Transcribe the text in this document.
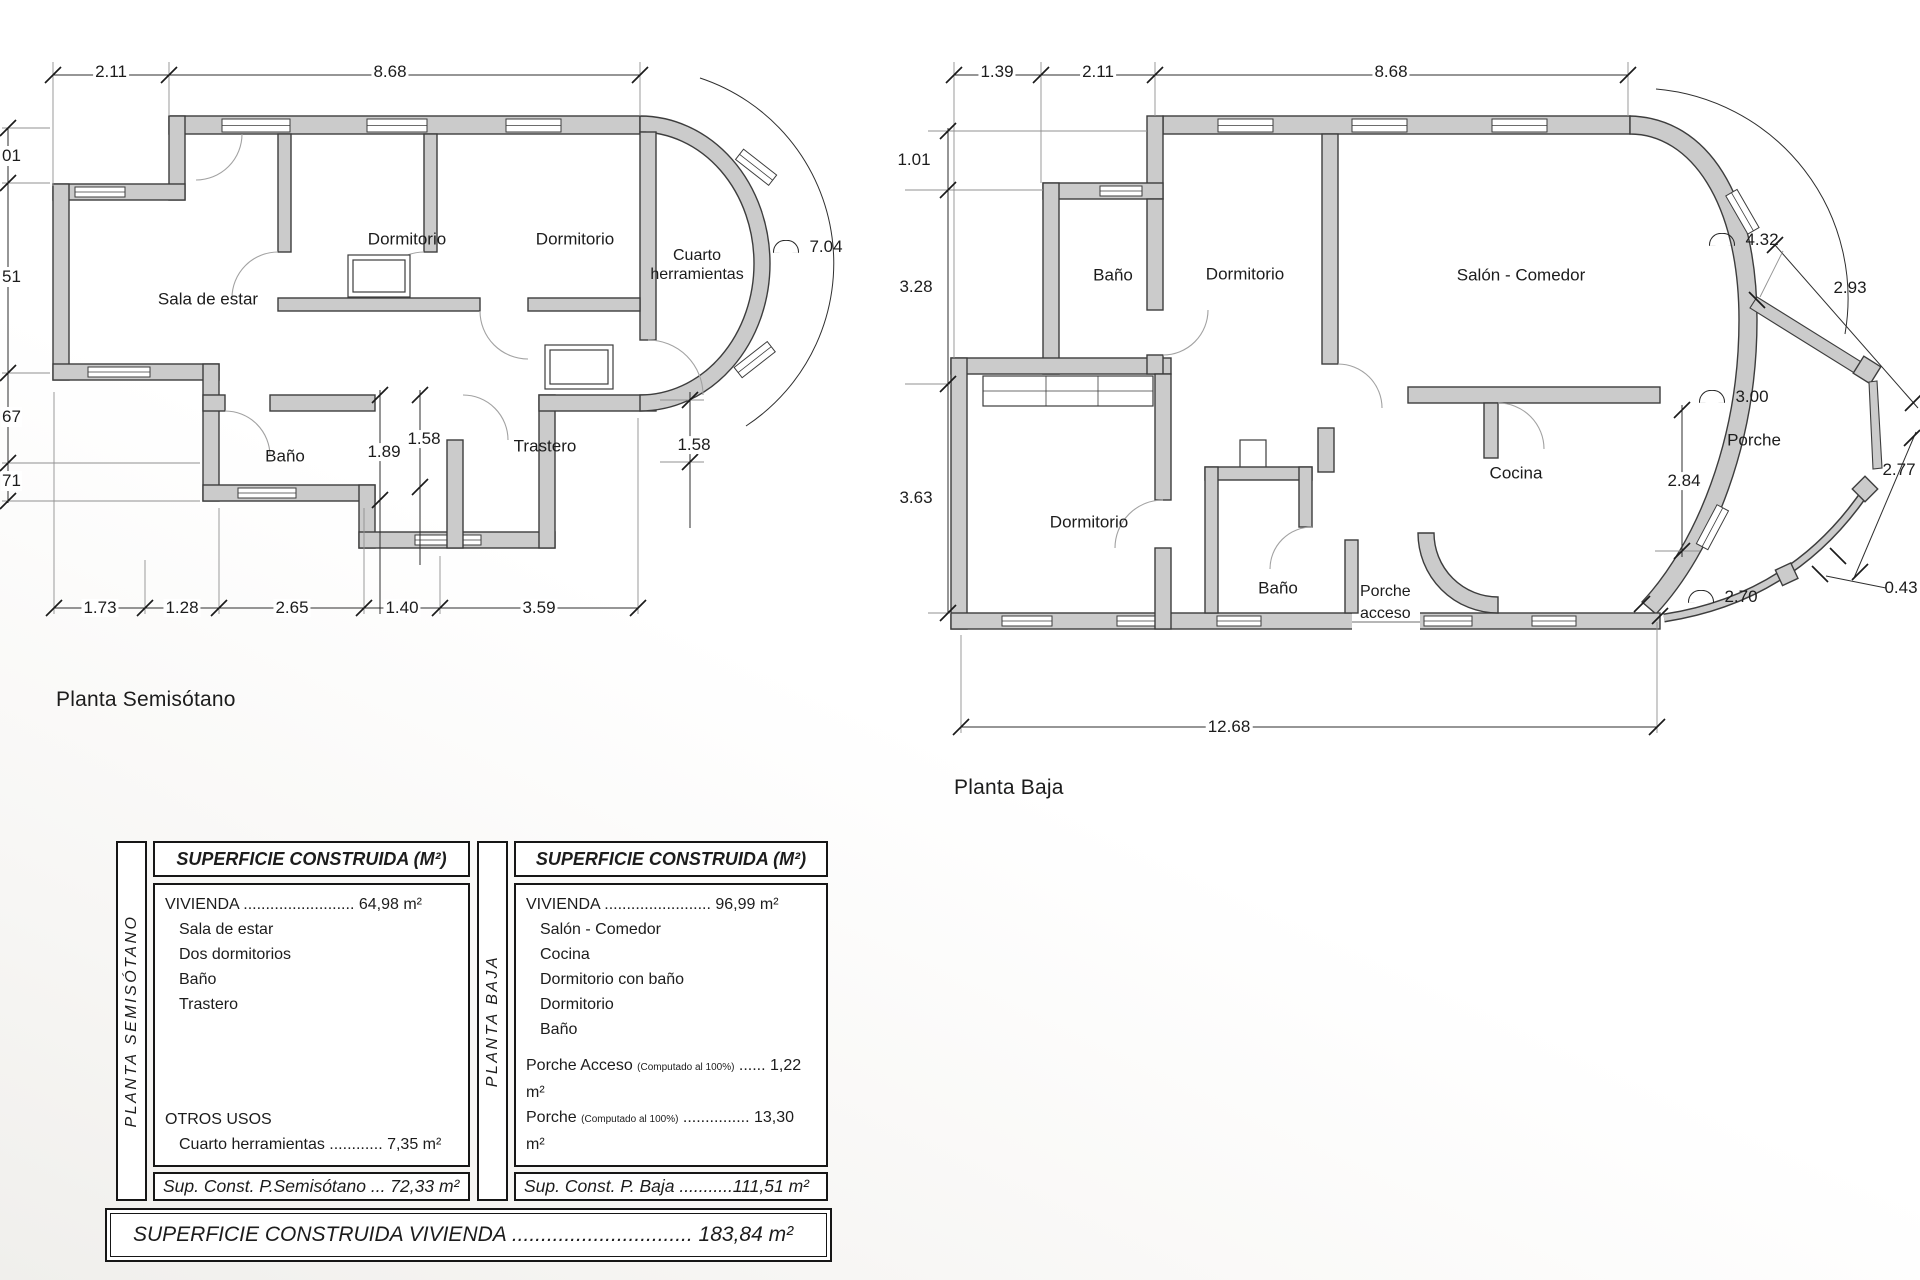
2.11	8.68
01
51
67
71
1.73	1.28	2.65	1.40	3.59
1.89
1.58	1.58
7.04
Sala de estar
Dormitorio	Dormitorio
Cuarto
herramientas
Baño
Trastero
Planta Semisótano
1.39	2.11	8.68
1.01
3.28
3.63
12.68
4.32
2.93
3.00
2.84
2.77
2.70	0.43
Baño	Dormitorio	Salón - Comedor
Dormitorio
Baño	Porche
acceso
Cocina
Porche
Planta Baja
PLANTA SEMISÓTANO
SUPERFICIE CONSTRUIDA (M²)
VIVIENDA ......................... 64,98 m²
Sala de estar
Dos dormitorios
Baño
Trastero
OTROS USOS
Cuarto herramientas ............ 7,35 m²
Sup. Const. P.Semisótano ... 72,33 m²
PLANTA BAJA
SUPERFICIE CONSTRUIDA (M²)
VIVIENDA ........................ 96,99 m²
Salón - Comedor
Cocina
Dormitorio con baño
Dormitorio
Baño
Porche Acceso (Computado al 100%) ...... 1,22 m²
Porche (Computado al 100%) ............... 13,30 m²
Sup. Const. P. Baja ...........111,51 m²
SUPERFICIE CONSTRUIDA VIVIENDA ............................... 183,84 m²
